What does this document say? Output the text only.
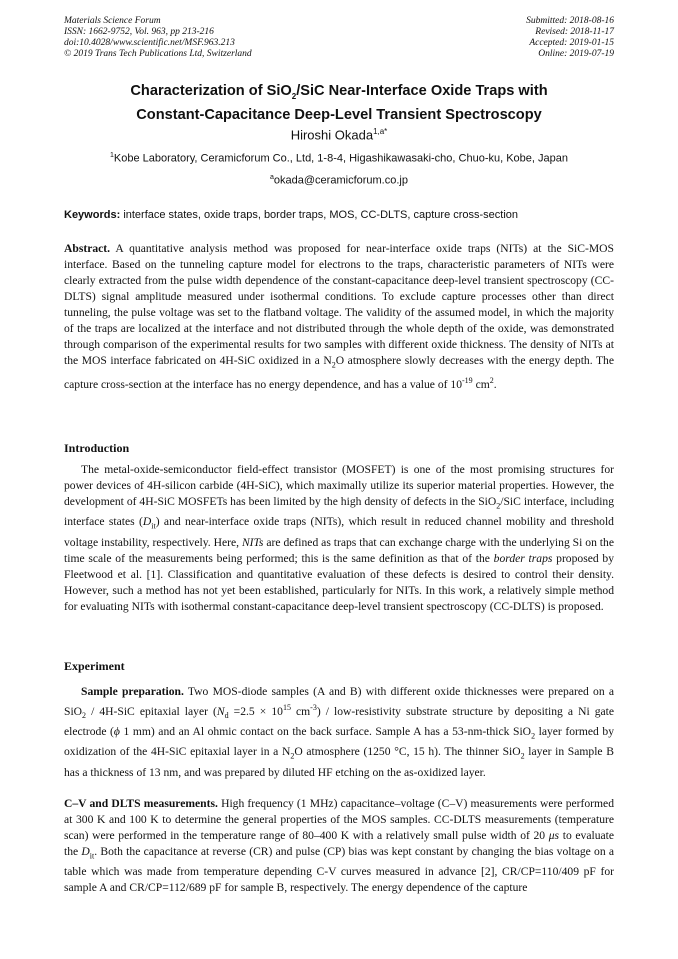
Materials Science Forum
ISSN: 1662-9752, Vol. 963, pp 213-216
doi:10.4028/www.scientific.net/MSF.963.213
© 2019 Trans Tech Publications Ltd, Switzerland
Submitted: 2018-08-16
Revised: 2018-11-17
Accepted: 2019-01-15
Online: 2019-07-19
Characterization of SiO$_2$/SiC Near-Interface Oxide Traps with
Constant-Capacitance Deep-Level Transient Spectroscopy
Hiroshi Okada$^{1,a*}$
$^1$Kobe Laboratory, Ceramicforum Co., Ltd, 1-8-4, Higashikawasaki-cho, Chuo-ku, Kobe, Japan
$^a$okada@ceramicforum.co.jp
Keywords: interface states, oxide traps, border traps, MOS, CC-DLTS, capture cross-section
Abstract. A quantitative analysis method was proposed for near-interface oxide traps (NITs) at the SiC-MOS interface. Based on the tunneling capture model for electrons to the traps, characteristic parameters of NITs were clearly extracted from the pulse width dependence of the constant-capacitance deep-level transient spectroscopy (CC-DLTS) signal amplitude measured under isothermal conditions. To exclude capture processes other than direct tunneling, the pulse voltage was set to the flatband voltage. The validity of the assumed model, in which the majority of the traps are localized at the interface and not distributed through the whole depth of the oxide, was demonstrated through comparison of the experimental results for two samples with different oxide thickness. The density of NITs at the MOS interface fabricated on 4H-SiC oxidized in a $N_2O$ atmosphere slowly decreases with the energy depth. The capture cross-section at the interface has no energy dependence, and has a value of $10^{-19}$ $cm^2$.
Introduction
The metal-oxide-semiconductor field-effect transistor (MOSFET) is one of the most promising structures for power devices of 4H-silicon carbide (4H-SiC), which maximally utilize its superior material properties. However, the development of 4H-SiC MOSFETs has been limited by the high density of defects in the SiO$_2$/SiC interface, including interface states $(D_{it})$ and near-interface oxide traps (NITs), which result in reduced channel mobility and threshold voltage instability, respectively. Here, NITs are defined as traps that can exchange charge with the underlying Si on the time scale of the measurements being performed; this is the same definition as that of the border traps proposed by Fleetwood et al. [1]. Classification and quantitative evaluation of these defects is desired to control their density. However, such a method has not yet been established, particularly for NITs. In this work, a relatively simple method for evaluating NITs with isothermal constant-capacitance deep-level transient spectroscopy (CC-DLTS) is proposed.
Experiment
Sample preparation. Two MOS-diode samples (A and B) with different oxide thicknesses were prepared on a SiO$_2$ / 4H-SiC epitaxial layer ($N_d =2.5 \times 10^{15}$ $cm^{-3}$) / low-resistivity substrate structure by depositing a Ni gate electrode (ϕ 1 mm) and an Al ohmic contact on the back surface. Sample A has a 53-nm-thick SiO$_2$ layer formed by oxidization of the 4H-SiC epitaxial layer in a $N_2O$ atmosphere (1250 °C, 15 h). The thinner SiO$_2$ layer in Sample B has a thickness of 13 nm, and was prepared by diluted HF etching on the as-oxidized layer.
C–V and DLTS measurements. High frequency (1 MHz) capacitance–voltage (C–V) measurements were performed at 300 K and 100 K to determine the general properties of the MOS samples. CC-DLTS measurements (temperature scan) were performed in the temperature range of 80–400 K with a relatively small pulse width of 20 μs to evaluate the $D_{it}$. Both the capacitance at reverse (CR) and pulse (CP) bias was kept constant by changing the bias voltage on a table which was made from temperature depending C-V curves measured in advance [2], CR/CP=110/409 pF for sample A and CR/CP=112/689 pF for sample B, respectively. The energy dependence of the capture
